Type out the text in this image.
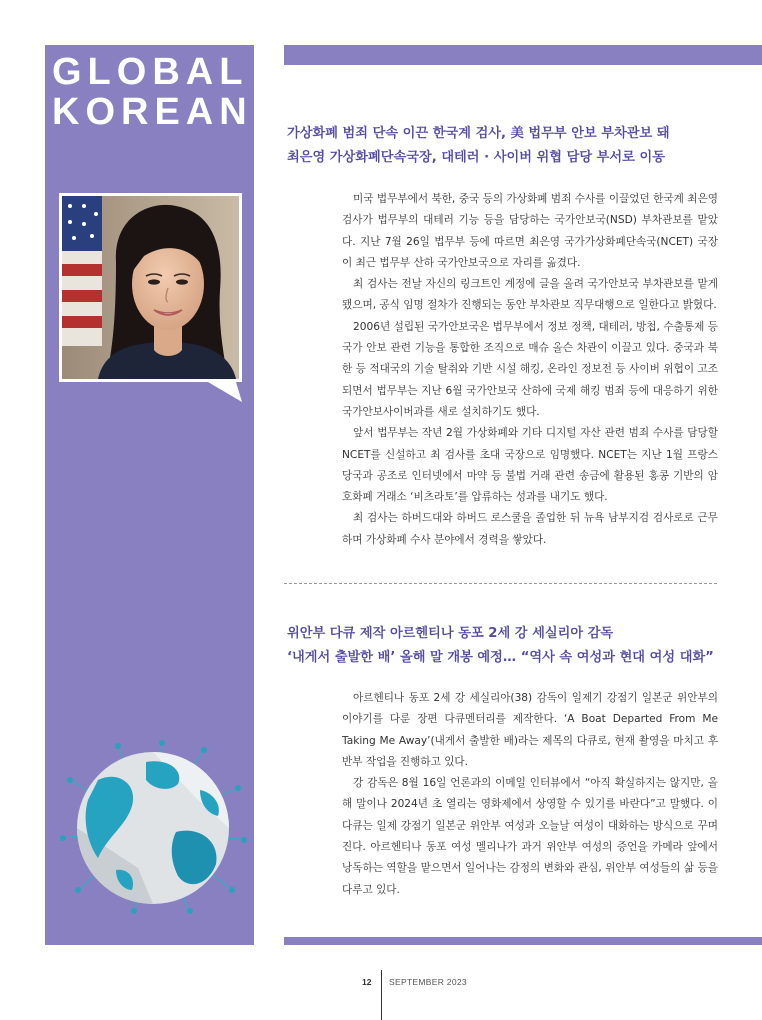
GLOBAL
KOREAN
가상화폐 범죄 단속 이끈 한국계 검사, 美 법무부 안보 부차관보 돼
최은영 가상화폐단속국장, 대테러 · 사이버 위협 담당 부서로 이동

미국 법무부에서 북한, 중국 등의 가상화폐 범죄 수사를 이끌었던 한국계 최은영 검사가 법무부의 대테러 기능 등을 담당하는 국가안보국(NSD) 부차관보를 맡았다. 지난 7월 26일 법무부 등에 따르면 최은영 국가가상화폐단속국(NCET) 국장이 최근 법무부 산하 국가안보국으로 자리를 옮겼다.

최 검사는 전날 자신의 링크트인 계정에 글을 올려 국가안보국 부차관보를 맡게 됐으며, 공식 임명 절차가 진행되는 동안 부차관보 직무대행으로 일한다고 밝혔다.

2006년 설립된 국가안보국은 법무부에서 정보 정책, 대테러, 방첩, 수출통제 등 국가 안보 관련 기능을 통합한 조직으로 매슈 올슨 차관이 이끌고 있다. 중국과 북한 등 적대국의 기술 탈취와 기반 시설 해킹, 온라인 정보전 등 사이버 위협이 고조되면서 법무부는 지난 6월 국가안보국 산하에 국제 해킹 범죄 등에 대응하기 위한 국가안보사이버과를 새로 설치하기도 했다.

앞서 법무부는 작년 2월 가상화폐와 기타 디지털 자산 관련 범죄 수사를 담당할 NCET를 신설하고 최 검사를 초대 국장으로 임명했다. NCET는 지난 1월 프랑스 당국과 공조로 인터넷에서 마약 등 불법 거래 관련 송금에 활용된 홍콩 기반의 암호화폐 거래소 ‘비츠라토’를 압류하는 성과를 내기도 했다.

최 검사는 하버드대와 하버드 로스쿨을 졸업한 뒤 뉴욕 남부지검 검사로로 근무하며 가상화폐 수사 분야에서 경력을 쌓았다.

위안부 다큐 제작 아르헨티나 동포 2세 강 세실리아 감독
‘내게서 출발한 배’ 올해 말 개봉 예정… “역사 속 여성과 현대 여성 대화”

아르헨티나 동포 2세 강 세실리아(38) 감독이 일제기 강점기 일본군 위안부의 이야기를 다룬 장편 다큐멘터리를 제작한다. ‘A Boat Departed From Me Taking Me Away’(내게서 출발한 배)라는 제목의 다큐로, 현재 촬영을 마치고 후반부 작업을 진행하고 있다.

강 감독은 8월 16일 언론과의 이메일 인터뷰에서 “아직 확실하지는 않지만, 올해 말이나 2024년 초 열리는 영화제에서 상영할 수 있기를 바란다”고 말했다. 이 다큐는 일제 강점기 일본군 위안부 여성과 오늘날 여성이 대화하는 방식으로 꾸며진다. 아르헨티나 동포 여성 멜리나가 과거 위안부 여성의 증언을 카메라 앞에서 낭독하는 역할을 맡으면서 일어나는 감정의 변화와 관심, 위안부 여성들의 삶 등을 다루고 있다.

12 SEPTEMBER 2023
